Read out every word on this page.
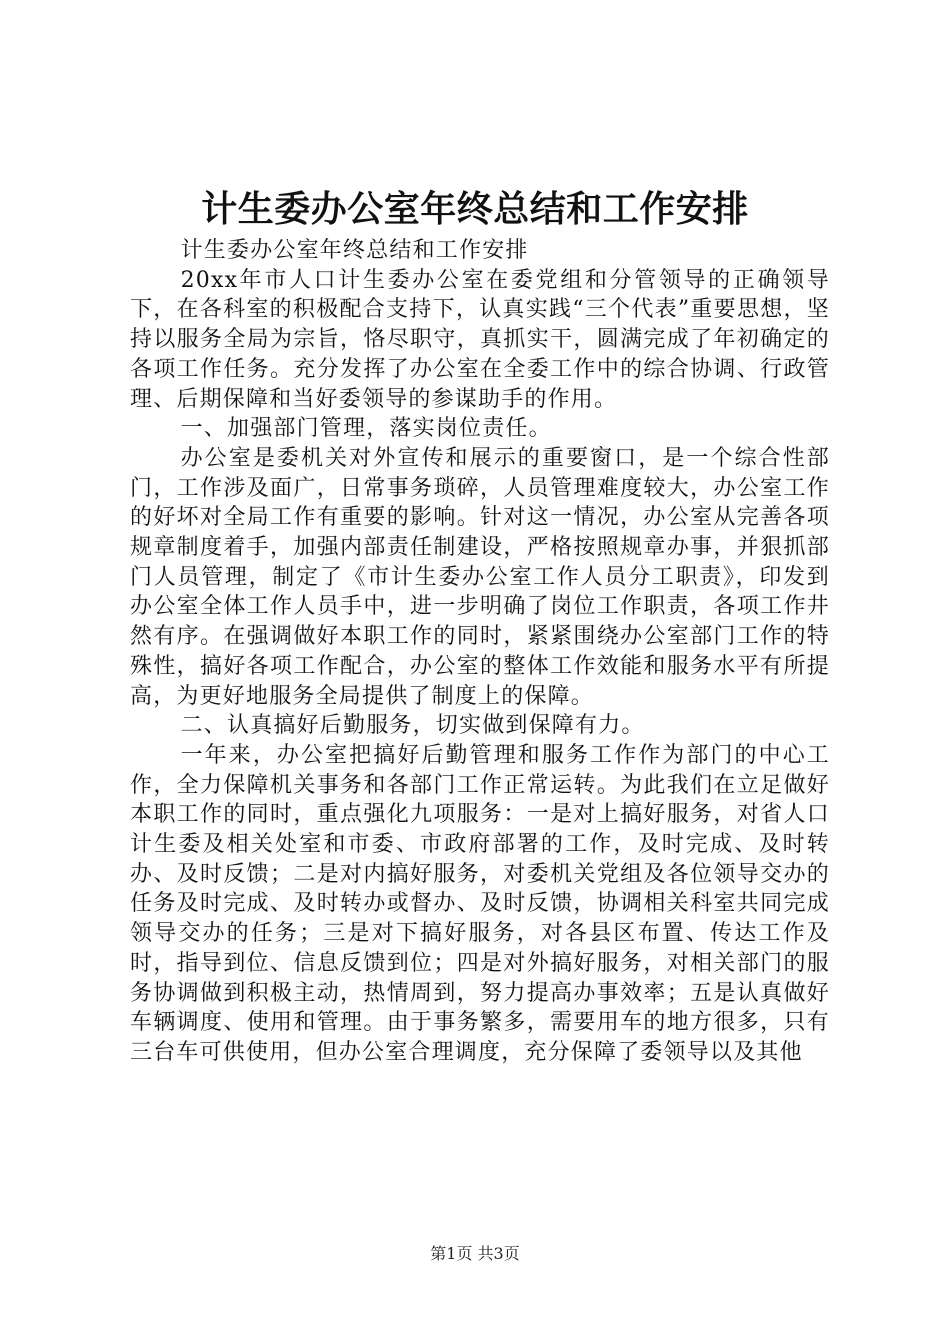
计生委办公室年终总结和工作安排

计生委办公室年终总结和工作安排

20xx年市人口计生委办公室在委党组和分管领导的正确领导下，在各科室的积极配合支持下，认真实践“三个代表”重要思想，坚持以服务全局为宗旨，恪尽职守，真抓实干，圆满完成了年初确定的各项工作任务。充分发挥了办公室在全委工作中的综合协调、行政管理、后期保障和当好委领导的参谋助手的作用。

一、加强部门管理，落实岗位责任。

办公室是委机关对外宣传和展示的重要窗口，是一个综合性部门，工作涉及面广，日常事务琐碎，人员管理难度较大，办公室工作的好坏对全局工作有重要的影响。针对这一情况，办公室从完善各项规章制度着手，加强内部责任制建设，严格按照规章办事，并狠抓部门人员管理，制定了《市计生委办公室工作人员分工职责》，印发到办公室全体工作人员手中，进一步明确了岗位工作职责，各项工作井然有序。在强调做好本职工作的同时，紧紧围绕办公室部门工作的特殊性，搞好各项工作配合，办公室的整体工作效能和服务水平有所提高，为更好地服务全局提供了制度上的保障。

二、认真搞好后勤服务，切实做到保障有力。

一年来，办公室把搞好后勤管理和服务工作作为部门的中心工作，全力保障机关事务和各部门工作正常运转。为此我们在立足做好本职工作的同时，重点强化九项服务：一是对上搞好服务，对省人口计生委及相关处室和市委、市政府部署的工作，及时完成、及时转办、及时反馈；二是对内搞好服务，对委机关党组及各位领导交办的任务及时完成、及时转办或督办、及时反馈，协调相关科室共同完成领导交办的任务；三是对下搞好服务，对各县区布置、传达工作及时，指导到位、信息反馈到位；四是对外搞好服务，对相关部门的服务协调做到积极主动，热情周到，努力提高办事效率；五是认真做好车辆调度、使用和管理。由于事务繁多，需要用车的地方很多，只有三台车可供使用，但办公室合理调度，充分保障了委领导以及其他

第1页 共3页
